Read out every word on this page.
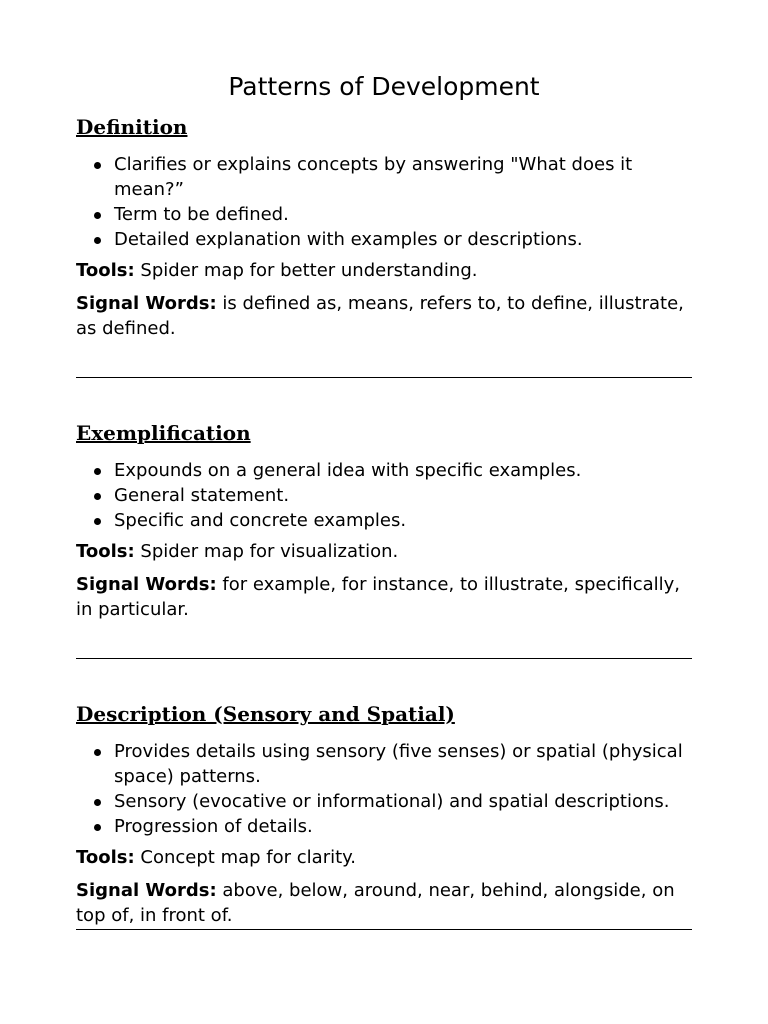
Patterns of Development
Definition
Clarifies or explains concepts by answering "What does it mean?”
Term to be defined.
Detailed explanation with examples or descriptions.

Tools: Spider map for better understanding.

Signal Words: is defined as, means, refers to, to define, illustrate, as defined.

Exemplification
Expounds on a general idea with specific examples.
General statement.
Specific and concrete examples.

Tools: Spider map for visualization.

Signal Words: for example, for instance, to illustrate, specifically, in particular.

Description (Sensory and Spatial)
Provides details using sensory (five senses) or spatial (physical space) patterns.
Sensory (evocative or informational) and spatial descriptions.
Progression of details.

Tools: Concept map for clarity.

Signal Words: above, below, around, near, behind, alongside, on top of, in front of.
